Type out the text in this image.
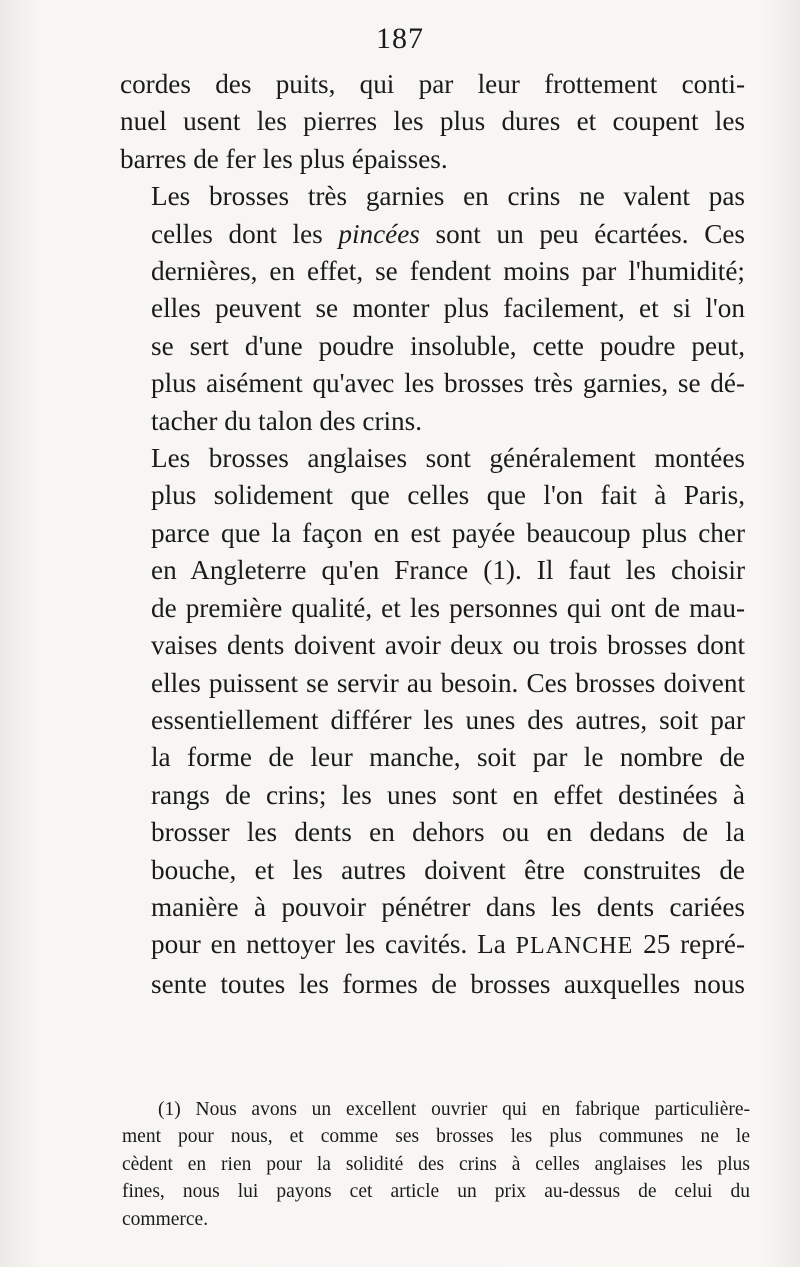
187

cordes des puits, qui par leur frottement conti-
nuel usent les pierres les plus dures et coupent les
barres de fer les plus épaisses.

Les brosses très garnies en crins ne valent pas
celles dont les pincées sont un peu écartées. Ces
dernières, en effet, se fendent moins par l'humidité;
elles peuvent se monter plus facilement, et si l'on
se sert d'une poudre insoluble, cette poudre peut,
plus aisément qu'avec les brosses très garnies, se dé-
tacher du talon des crins.

Les brosses anglaises sont généralement montées
plus solidement que celles que l'on fait à Paris,
parce que la façon en est payée beaucoup plus cher
en Angleterre qu'en France (1). Il faut les choisir
de première qualité, et les personnes qui ont de mau-
vaises dents doivent avoir deux ou trois brosses dont
elles puissent se servir au besoin. Ces brosses doivent
essentiellement différer les unes des autres, soit par
la forme de leur manche, soit par le nombre de
rangs de crins; les unes sont en effet destinées à
brosser les dents en dehors ou en dedans de la
bouche, et les autres doivent être construites de
manière à pouvoir pénétrer dans les dents cariées
pour en nettoyer les cavités. La PLANCHE 25 repré-
sente toutes les formes de brosses auxquelles nous

(1) Nous avons un excellent ouvrier qui en fabrique particulière-
ment pour nous, et comme ses brosses les plus communes ne le
cèdent en rien pour la solidité des crins à celles anglaises les plus
fines, nous lui payons cet article un prix au-dessus de celui du
commerce.
